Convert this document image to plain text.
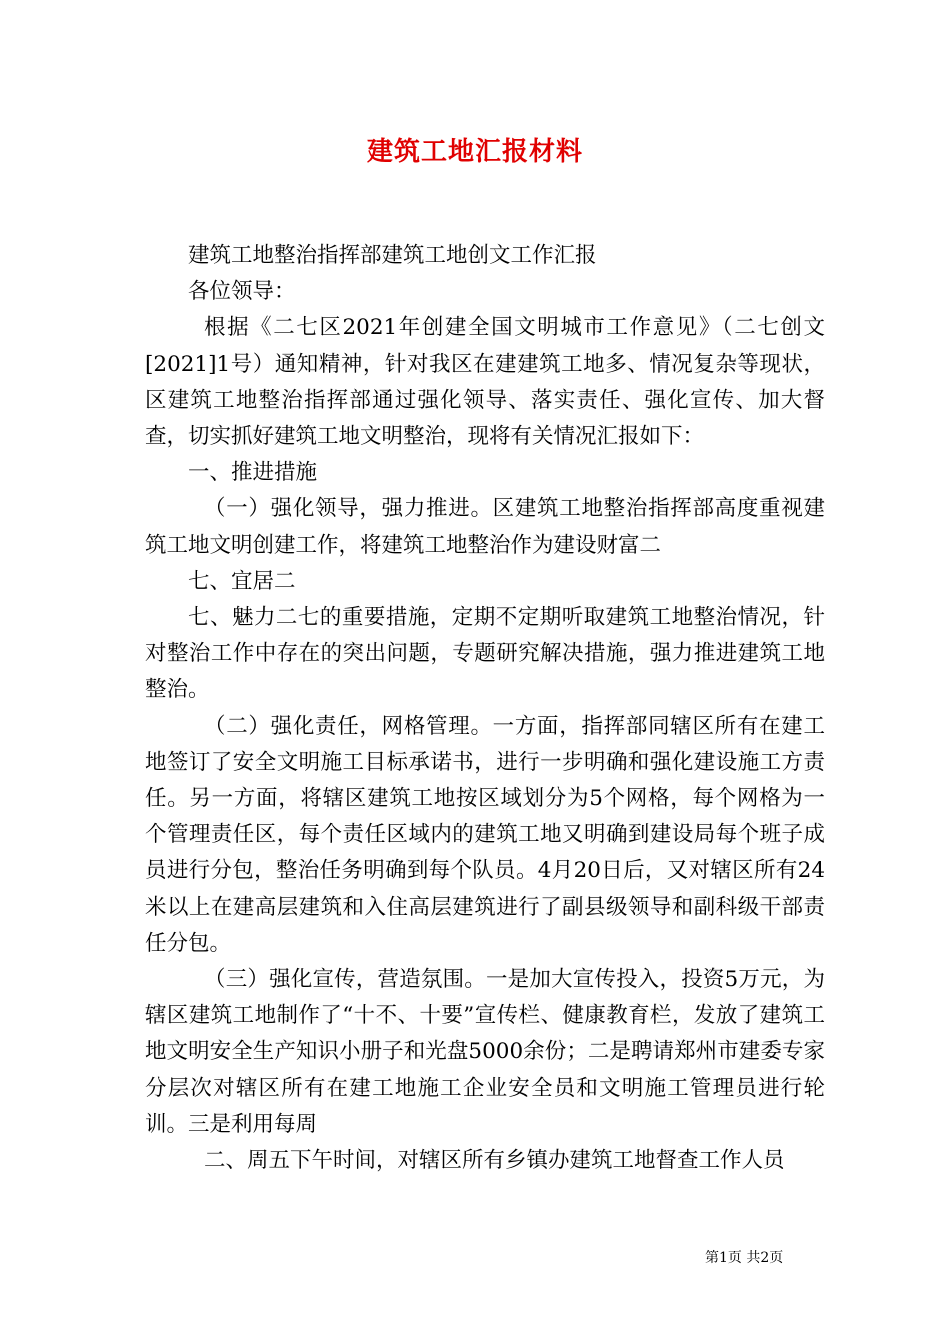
建筑工地汇报材料

建筑工地整治指挥部建筑工地创文工作汇报

各位领导：

根据《二七区2021年创建全国文明城市工作意见》（二七创文[2021]1号）通知精神，针对我区在建建筑工地多、情况复杂等现状，区建筑工地整治指挥部通过强化领导、落实责任、强化宣传、加大督查，切实抓好建筑工地文明整治，现将有关情况汇报如下：

一、推进措施

（一）强化领导，强力推进。区建筑工地整治指挥部高度重视建筑工地文明创建工作，将建筑工地整治作为建设财富二

七、宜居二

七、魅力二七的重要措施，定期不定期听取建筑工地整治情况，针对整治工作中存在的突出问题，专题研究解决措施，强力推进建筑工地整治。

（二）强化责任，网格管理。一方面，指挥部同辖区所有在建工地签订了安全文明施工目标承诺书，进行一步明确和强化建设施工方责任。另一方面，将辖区建筑工地按区域划分为5个网格，每个网格为一个管理责任区，每个责任区域内的建筑工地又明确到建设局每个班子成员进行分包，整治任务明确到每个队员。4月20日后，又对辖区所有24米以上在建高层建筑和入住高层建筑进行了副县级领导和副科级干部责任分包。

（三）强化宣传，营造氛围。一是加大宣传投入，投资5万元，为辖区建筑工地制作了“十不、十要”宣传栏、健康教育栏，发放了建筑工地文明安全生产知识小册子和光盘5000余份；二是聘请郑州市建委专家分层次对辖区所有在建工地施工企业安全员和文明施工管理员进行轮训。三是利用每周

二、周五下午时间，对辖区所有乡镇办建筑工地督查工作人员

第1页 共2页
